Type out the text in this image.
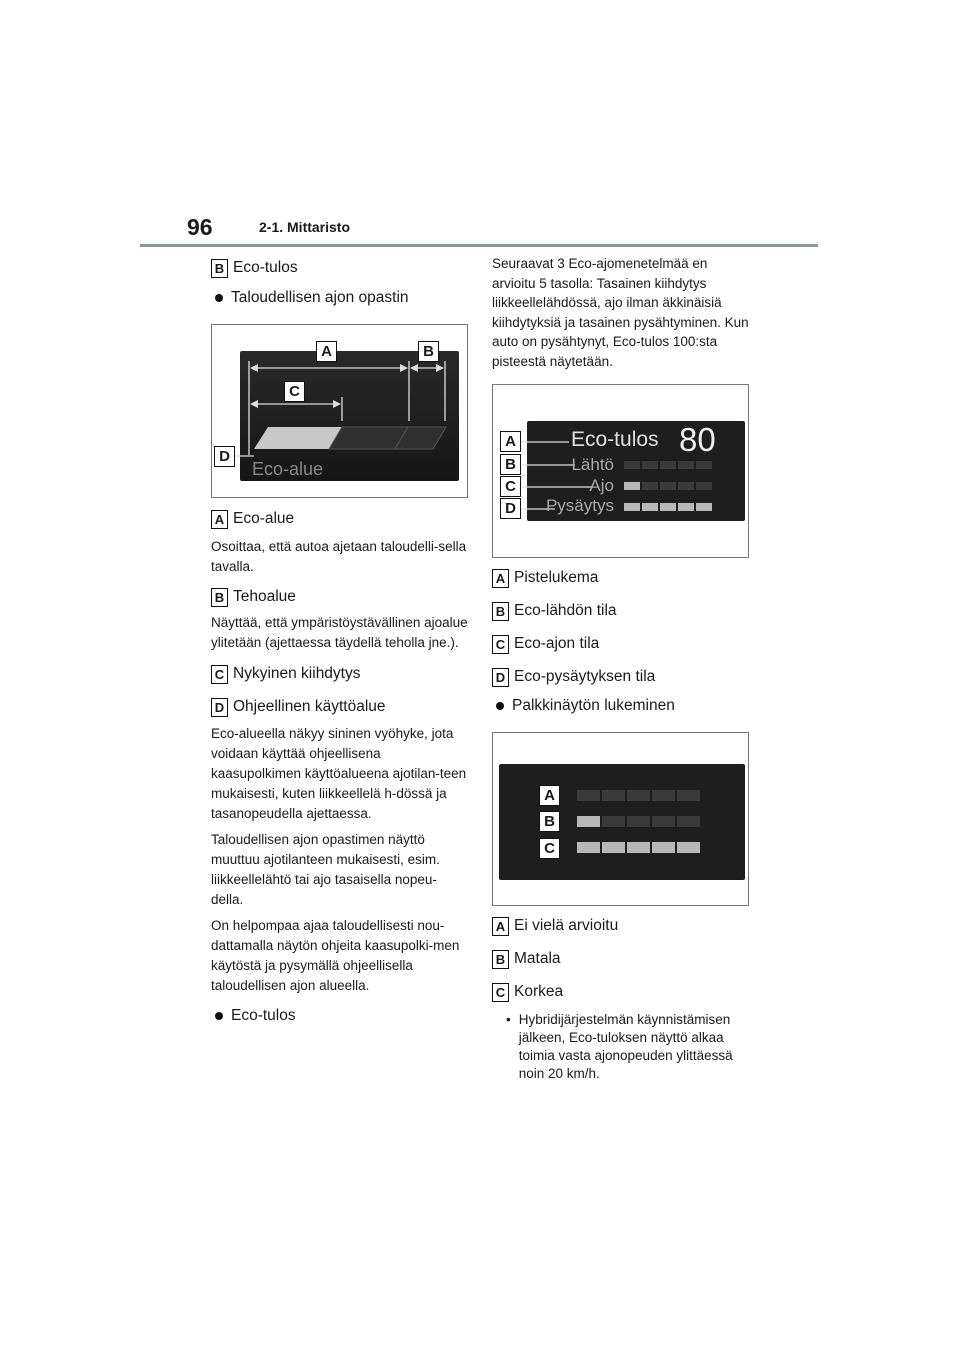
96	2-1. Mittaristo
B Eco-tulos
Taloudellisen ajon opastin
Eco-alue
A	B
C
D
A Eco-alue
Osoittaa, että autoa ajetaan taloudelli-sella tavalla.
B Tehoalue
Näyttää, että ympäristöystävällinen ajoalue ylitetään (ajettaessa täydellä teholla jne.).
C Nykyinen kiihdytys
D Ohjeellinen käyttöalue
Eco-alueella näkyy sininen vyöhyke, jota voidaan käyttää ohjeellisena kaasupolkimen käyttöalueena ajotilan-teen mukaisesti, kuten liikkeellelä h-dössä ja tasanopeudella ajettaessa.
Taloudellisen ajon opastimen näyttö muuttuu ajotilanteen mukaisesti, esim. liikkeellelähtö tai ajo tasaisella nopeu-della.
On helpompaa ajaa taloudellisesti nou-dattamalla näytön ohjeita kaasupolki-men käytöstä ja pysymällä ohjeellisella taloudellisen ajon alueella.
Eco-tulos
Seuraavat 3 Eco-ajomenetelmää en arvioitu 5 tasolla: Tasainen kiihdytys liikkeellelähdössä, ajo ilman äkkinäisiä kiihdytyksiä ja tasainen pysähtyminen. Kun auto on pysähtynyt, Eco-tulos 100:sta pisteestä näytetään.
Eco-tulos 80
Lähtö
Ajo
Pysäytys
A
B
C
D
A Pistelukema
B Eco-lähdön tila
C Eco-ajon tila
D Eco-pysäytyksen tila
Palkkinäytön lukeminen
A
B
C
A Ei vielä arvioitu
B Matala
C Korkea
• Hybridijärjestelmän käynnistämisen jälkeen, Eco-tuloksen näyttö alkaa toimia vasta ajonopeuden ylittäessä noin 20 km/h.
